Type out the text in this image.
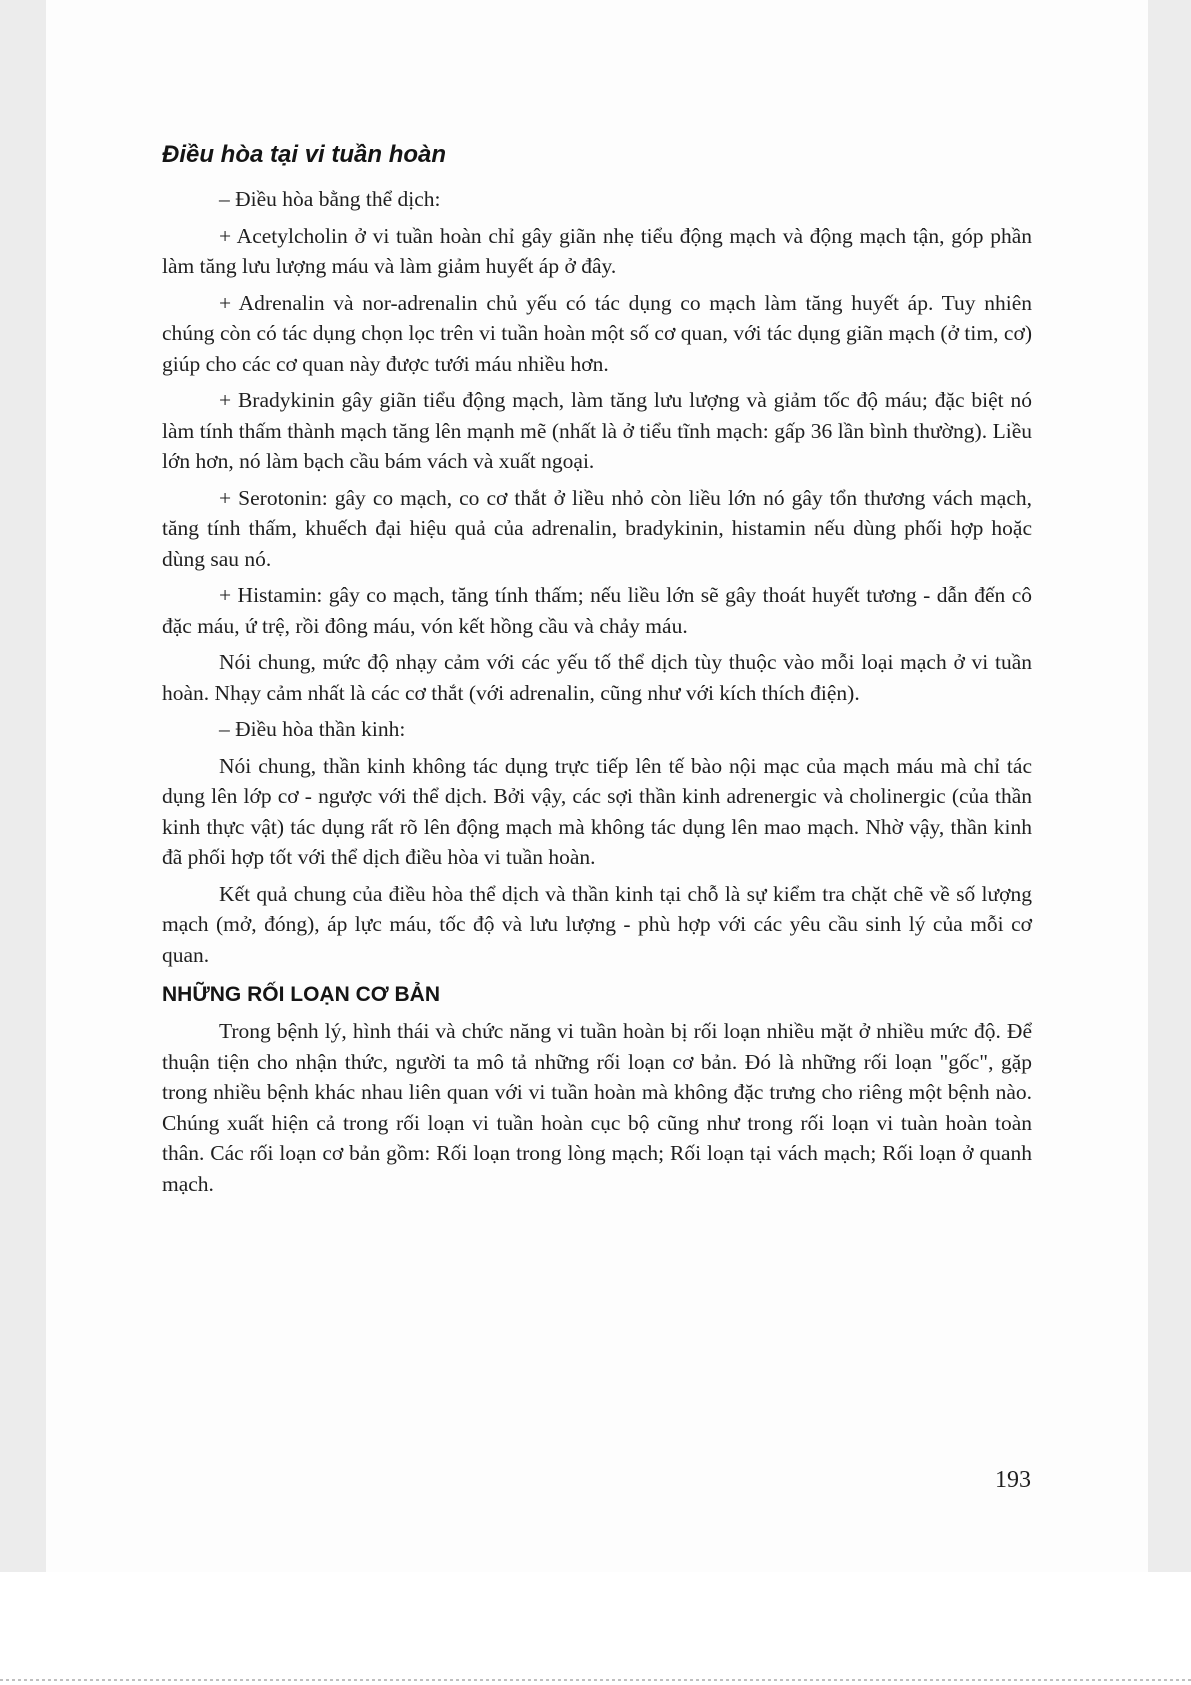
Điều hòa tại vi tuần hoàn

– Điều hòa bằng thể dịch:

+ Acetylcholin ở vi tuần hoàn chỉ gây giãn nhẹ tiểu động mạch và động mạch tận, góp phần làm tăng lưu lượng máu và làm giảm huyết áp ở đây.

+ Adrenalin và nor-adrenalin chủ yếu có tác dụng co mạch làm tăng huyết áp. Tuy nhiên chúng còn có tác dụng chọn lọc trên vi tuần hoàn một số cơ quan, với tác dụng giãn mạch (ở tim, cơ) giúp cho các cơ quan này được tưới máu nhiều hơn.

+ Bradykinin gây giãn tiểu động mạch, làm tăng lưu lượng và giảm tốc độ máu; đặc biệt nó làm tính thấm thành mạch tăng lên mạnh mẽ (nhất là ở tiểu tĩnh mạch: gấp 36 lần bình thường). Liều lớn hơn, nó làm bạch cầu bám vách và xuất ngoại.

+ Serotonin: gây co mạch, co cơ thắt ở liều nhỏ còn liều lớn nó gây tổn thương vách mạch, tăng tính thấm, khuếch đại hiệu quả của adrenalin, bradykinin, histamin nếu dùng phối hợp hoặc dùng sau nó.

+ Histamin: gây co mạch, tăng tính thấm; nếu liều lớn sẽ gây thoát huyết tương - dẫn đến cô đặc máu, ứ trệ, rồi đông máu, vón kết hồng cầu và chảy máu.

Nói chung, mức độ nhạy cảm với các yếu tố thể dịch tùy thuộc vào mỗi loại mạch ở vi tuần hoàn. Nhạy cảm nhất là các cơ thắt (với adrenalin, cũng như với kích thích điện).

– Điều hòa thần kinh:

Nói chung, thần kinh không tác dụng trực tiếp lên tế bào nội mạc của mạch máu mà chỉ tác dụng lên lớp cơ - ngược với thể dịch. Bởi vậy, các sợi thần kinh adrenergic và cholinergic (của thần kinh thực vật) tác dụng rất rõ lên động mạch mà không tác dụng lên mao mạch. Nhờ vậy, thần kinh đã phối hợp tốt với thể dịch điều hòa vi tuần hoàn.

Kết quả chung của điều hòa thể dịch và thần kinh tại chỗ là sự kiểm tra chặt chẽ về số lượng mạch (mở, đóng), áp lực máu, tốc độ và lưu lượng - phù hợp với các yêu cầu sinh lý của mỗi cơ quan.

NHỮNG RỐI LOẠN CƠ BẢN

Trong bệnh lý, hình thái và chức năng vi tuần hoàn bị rối loạn nhiều mặt ở nhiều mức độ. Để thuận tiện cho nhận thức, người ta mô tả những rối loạn cơ bản. Đó là những rối loạn "gốc", gặp trong nhiều bệnh khác nhau liên quan với vi tuần hoàn mà không đặc trưng cho riêng một bệnh nào. Chúng xuất hiện cả trong rối loạn vi tuần hoàn cục bộ cũng như trong rối loạn vi tuàn hoàn toàn thân. Các rối loạn cơ bản gồm: Rối loạn trong lòng mạch; Rối loạn tại vách mạch; Rối loạn ở quanh mạch.

193
